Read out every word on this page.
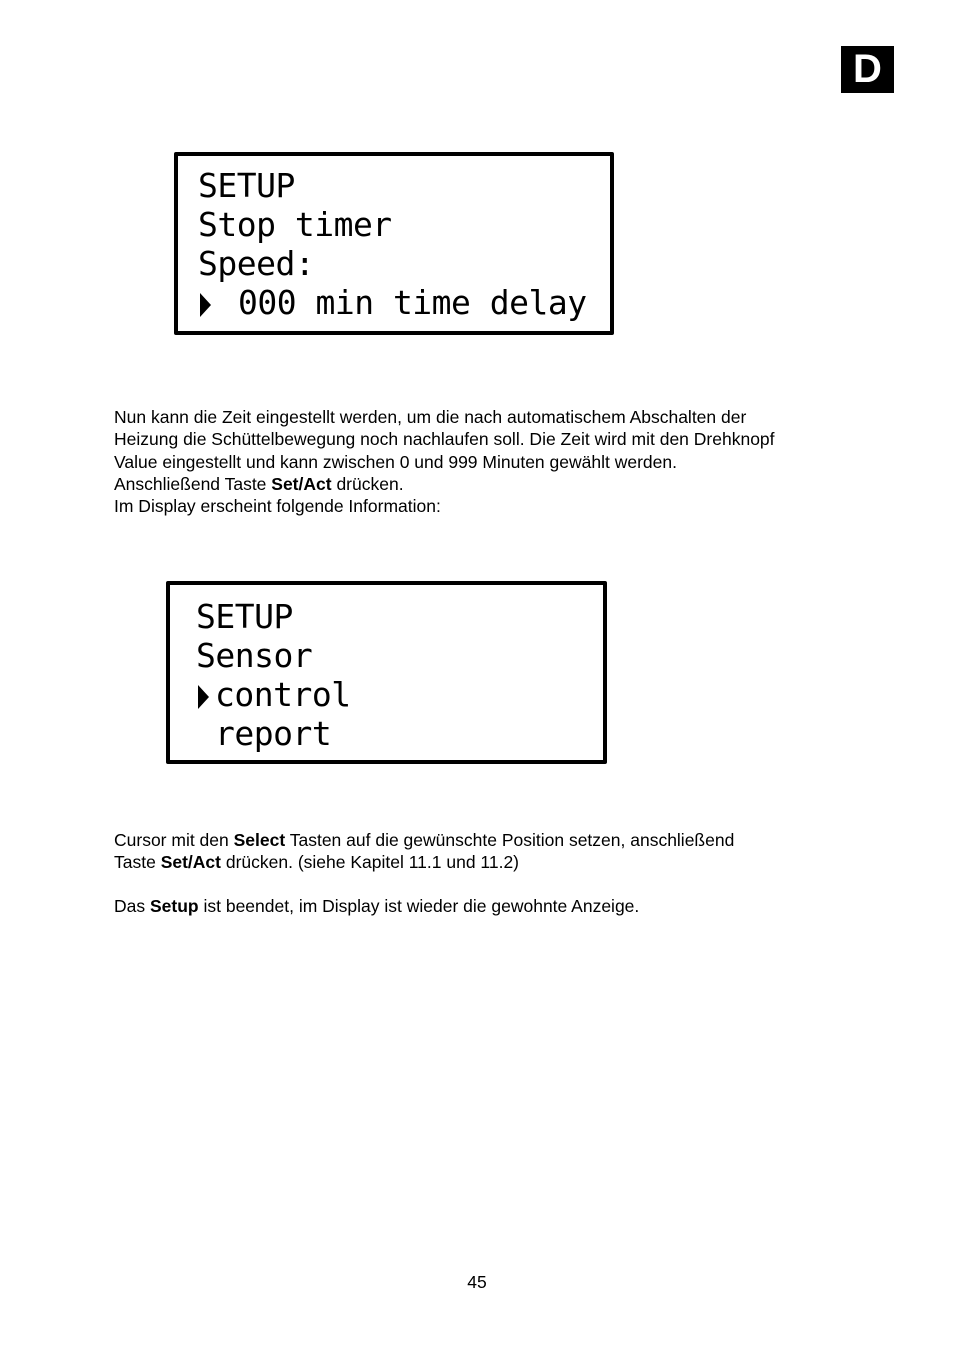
D
SETUP
Stop timer
Speed:
000 min time delay
Nun kann die Zeit eingestellt werden, um die nach automatischem Abschalten der
Heizung die Schüttelbewegung noch nachlaufen soll. Die Zeit wird mit den Drehknopf
Value eingestellt und kann zwischen 0 und 999 Minuten gewählt werden.
Anschließend Taste Set/Act drücken.
Im Display erscheint folgende Information:
SETUP
Sensor
control
report
Cursor mit den Select Tasten auf die gewünschte Position setzen, anschließend
Taste Set/Act drücken. (siehe Kapitel 11.1 und 11.2)
Das Setup ist beendet, im Display ist wieder die gewohnte Anzeige.
45
